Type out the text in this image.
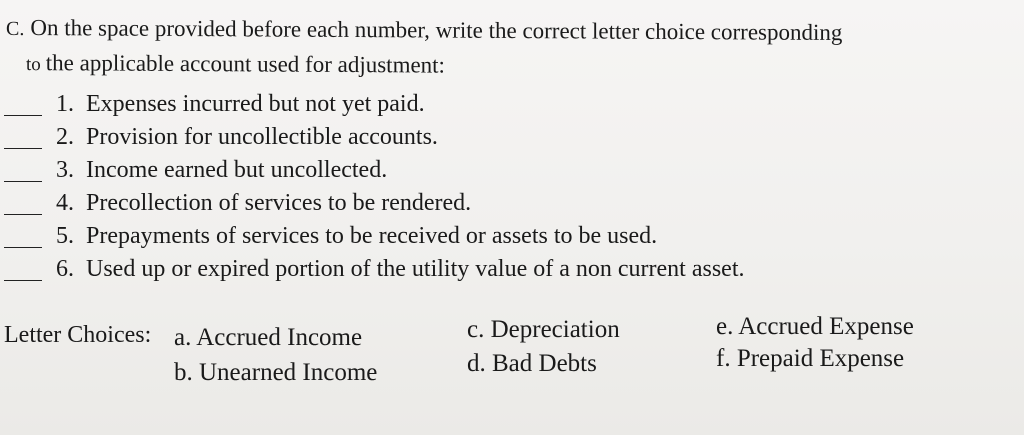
C. On the space provided before each number, write the correct letter choice corresponding
to the applicable account used for adjustment:
1. Expenses incurred but not yet paid.
2. Provision for uncollectible accounts.
3. Income earned but uncollected.
4. Precollection of services to be rendered.
5. Prepayments of services to be received or assets to be used.
6. Used up or expired portion of the utility value of a non current asset.
Letter Choices: a. Accrued Income
b. Unearned Income
c. Depreciation
d. Bad Debts
e. Accrued Expense
f. Prepaid Expense
